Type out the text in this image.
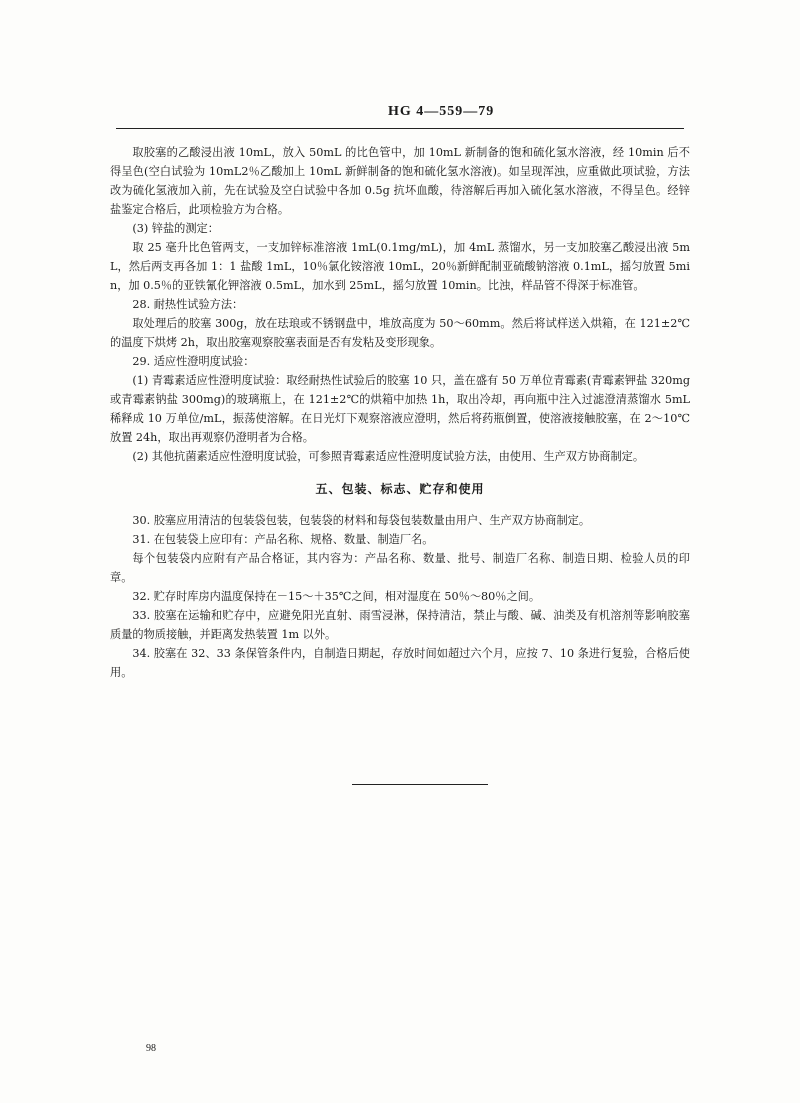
HG 4—559—79

取胶塞的乙酸浸出液 10mL，放入 50mL 的比色管中，加 10mL 新制备的饱和硫化氢水溶液，经 10min 后不得呈色(空白试验为 10mL2％乙酸加上 10mL 新鲜制备的饱和硫化氢水溶液)。如呈现浑浊，应重做此项试验，方法改为硫化氢液加入前，先在试验及空白试验中各加 0.5g 抗坏血酸，待溶解后再加入硫化氢水溶液，不得呈色。经锌盐鉴定合格后，此项检验方为合格。

(3) 锌盐的测定：

取 25 毫升比色管两支，一支加锌标准溶液 1mL(0.1mg/mL)，加 4mL 蒸馏水，另一支加胶塞乙酸浸出液 5mL，然后两支再各加 1：1 盐酸 1mL，10％氯化铵溶液 10mL，20％新鲜配制亚硫酸钠溶液 0.1mL，摇匀放置 5min，加 0.5％的亚铁氰化钾溶液 0.5mL，加水到 25mL，摇匀放置 10min。比浊，样品管不得深于标准管。

28. 耐热性试验方法：

取处理后的胶塞 300g，放在珐琅或不锈钢盘中，堆放高度为 50～60mm。然后将试样送入烘箱，在 121±2℃的温度下烘烤 2h，取出胶塞观察胶塞表面是否有发粘及变形现象。

29. 适应性澄明度试验：

(1) 青霉素适应性澄明度试验：取经耐热性试验后的胶塞 10 只，盖在盛有 50 万单位青霉素(青霉素钾盐 320mg 或青霉素钠盐 300mg)的玻璃瓶上，在 121±2℃的烘箱中加热 1h，取出冷却，再向瓶中注入过滤澄清蒸馏水 5mL 稀释成 10 万单位/mL，振荡使溶解。在日光灯下观察溶液应澄明，然后将药瓶倒置，使溶液接触胶塞，在 2～10℃放置 24h，取出再观察仍澄明者为合格。

(2) 其他抗菌素适应性澄明度试验，可参照青霉素适应性澄明度试验方法，由使用、生产双方协商制定。

五、包装、标志、贮存和使用

30. 胶塞应用清洁的包装袋包装，包装袋的材料和每袋包装数量由用户、生产双方协商制定。

31. 在包装袋上应印有：产品名称、规格、数量、制造厂名。

每个包装袋内应附有产品合格证，其内容为：产品名称、数量、批号、制造厂名称、制造日期、检验人员的印章。

32. 贮存时库房内温度保持在－15～＋35℃之间，相对湿度在 50％～80％之间。

33. 胶塞在运输和贮存中，应避免阳光直射、雨雪浸淋，保持清洁，禁止与酸、碱、油类及有机溶剂等影响胶塞质量的物质接触，并距离发热装置 1m 以外。

34. 胶塞在 32、33 条保管条件内，自制造日期起，存放时间如超过六个月，应按 7、10 条进行复验，合格后使用。

98
